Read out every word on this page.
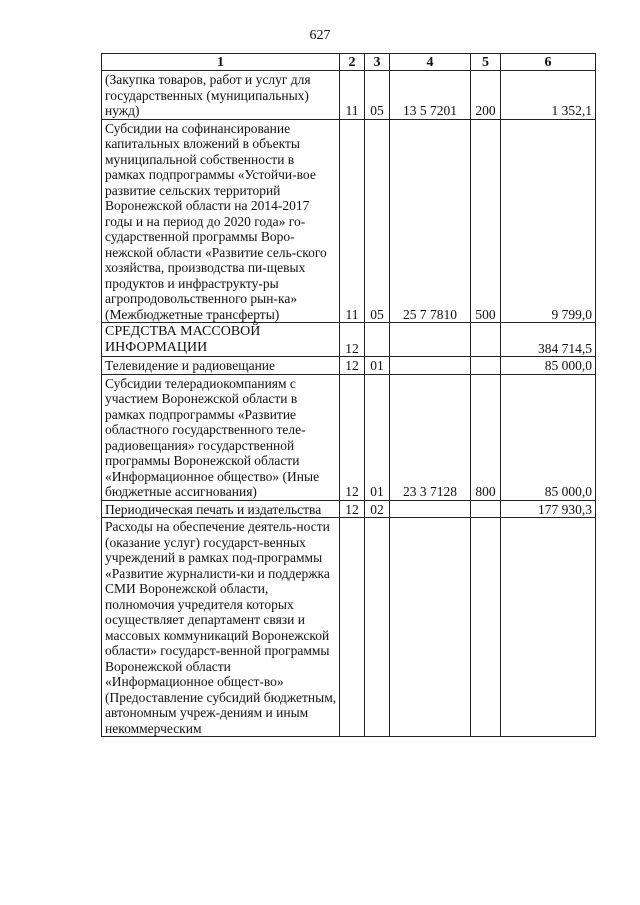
627
1	2	3	4	5	6
(Закупка товаров, работ и услуг для государственных (муниципальных) нужд)	11	05	13 5 7201	200	1 352,1
Субсидии на софинансирование капитальных вложений в объекты муниципальной собственности в рамках подпрограммы «Устойчи-вое развитие сельских территорий Воронежской области на 2014-2017 годы и на период до 2020 года» го-сударственной программы Воро-нежской области «Развитие сель-ского хозяйства, производства пи-щевых продуктов и инфраструкту-ры агропродовольственного рын-ка» (Межбюджетные трансферты)	11	05	25 7 7810	500	9 799,0
СРЕДСТВА МАССОВОЙ ИНФОРМАЦИИ	12				384 714,5
Телевидение и радиовещание	12	01			85 000,0
Субсидии телерадиокомпаниям с участием Воронежской области в рамках подпрограммы «Развитие областного государственного теле-радиовещания» государственной программы Воронежской области «Информационное общество» (Иные бюджетные ассигнования)	12	01	23 3 7128	800	85 000,0
Периодическая печать и издательства	12	02			177 930,3
Расходы на обеспечение деятель-ности (оказание услуг) государст-венных учреждений в рамках под-программы «Развитие журналисти-ки и поддержка СМИ Воронежской области, полномочия учредителя которых осуществляет департамент связи и массовых коммуникаций Воронежской области» государст-венной программы Воронежской области «Информационное общест-во» (Предоставление субсидий бюджетным, автономным учреж-дениям и иным некоммерческим					
